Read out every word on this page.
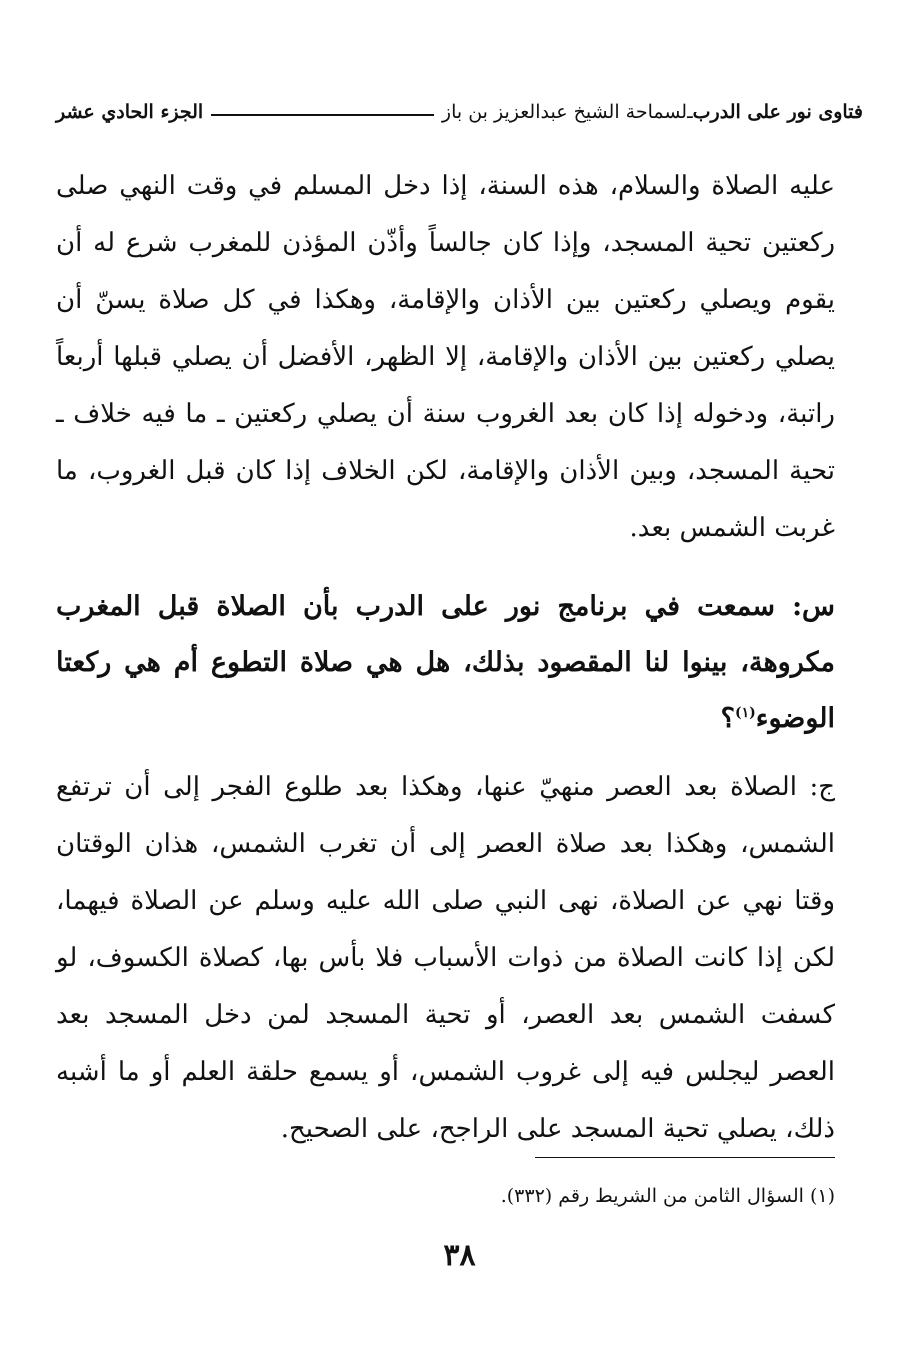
فتاوى نور على الدرب
ـ
لسماحة الشيخ عبدالعزيز بن باز
الجزء الحادي عشر

عليه الصلاة والسلام، هذه السنة، إذا دخل المسلم في وقت النهي صلى ركعتين تحية المسجد، وإذا كان جالساً وأذّن المؤذن للمغرب شرع له أن يقوم ويصلي ركعتين بين الأذان والإقامة، وهكذا في كل صلاة يسنّ أن يصلي ركعتين بين الأذان والإقامة، إلا الظهر، الأفضل أن يصلي قبلها أربعاً راتبة، ودخوله إذا كان بعد الغروب سنة أن يصلي ركعتين ـ ما فيه خلاف ـ تحية المسجد، وبين الأذان والإقامة، لكن الخلاف إذا كان قبل الغروب، ما غربت الشمس بعد.

س: سمعت في برنامج نور على الدرب بأن الصلاة قبل المغرب مكروهة، بينوا لنا المقصود بذلك، هل هي صلاة التطوع أم هي ركعتا الوضوء$^{(١)}$؟

ج: الصلاة بعد العصر منهيّ عنها، وهكذا بعد طلوع الفجر إلى أن ترتفع الشمس، وهكذا بعد صلاة العصر إلى أن تغرب الشمس، هذان الوقتان وقتا نهي عن الصلاة، نهى النبي صلى الله عليه وسلم عن الصلاة فيهما، لكن إذا كانت الصلاة من ذوات الأسباب فلا بأس بها، كصلاة الكسوف، لو كسفت الشمس بعد العصر، أو تحية المسجد لمن دخل المسجد بعد العصر ليجلس فيه إلى غروب الشمس، أو يسمع حلقة العلم أو ما أشبه ذلك، يصلي تحية المسجد على الراجح، على الصحيح.

(١) السؤال الثامن من الشريط رقم (٣٣٢).
٣٨
